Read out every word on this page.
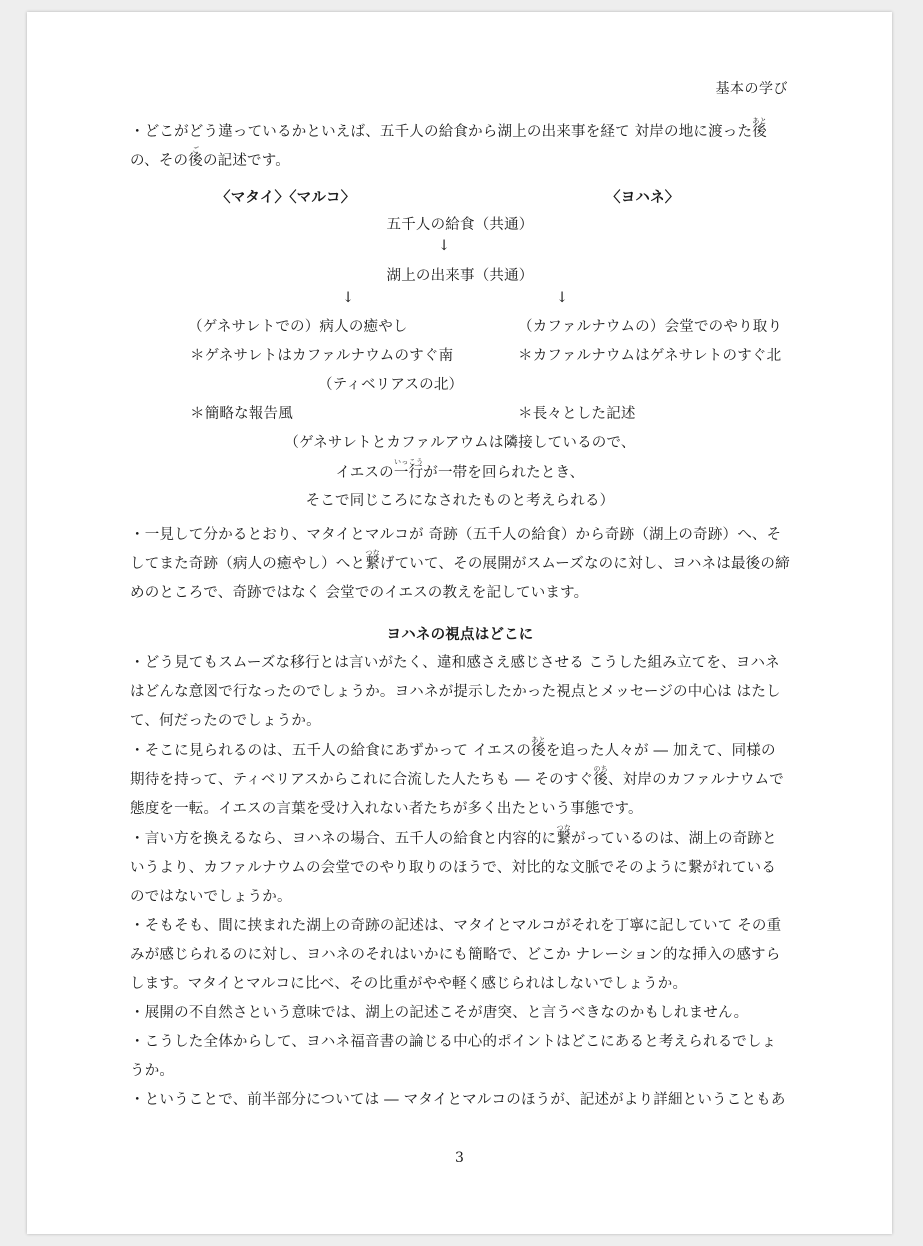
基本の学び

・どこがどう違っているかといえば、五千人の給食から湖上の出来事を経て 対岸の地に渡った後あとの、その後ごの記述です。

〈マタイ〉〈マルコ〉	〈ヨハネ〉
五千人の給食（共通）
↓
湖上の出来事（共通）
↓	↓
（ゲネサレトでの）病人の癒やし	（カファルナウムの）会堂でのやり取り
＊ゲネサレトはカファルナウムのすぐ南	＊カファルナウムはゲネサレトのすぐ北
（ティベリアスの北）
＊簡略な報告風	＊長々とした記述
（ゲネサレトとカファルアウムは隣接しているので、
イエスの一行いっこうが一帯を回られたとき、
そこで同じころになされたものと考えられる）

・一見して分かるとおり、マタイとマルコが 奇跡（五千人の給食）から奇跡（湖上の奇跡）へ、そしてまた奇跡（病人の癒やし）へと繋つなげていて、その展開がスムーズなのに対し、ヨハネは最後の締めのところで、奇跡ではなく 会堂でのイエスの教えを記しています。

ヨハネの視点はどこに

・どう見てもスムーズな移行とは言いがたく、違和感さえ感じさせる こうした組み立てを、ヨハネはどんな意図で行なったのでしょうか。ヨハネが提示したかった視点とメッセージの中心は はたして、何だったのでしょうか。

・そこに見られるのは、五千人の給食にあずかって イエスの後あとを追った人々が ― 加えて、同様の期待を持って、ティベリアスからこれに合流した人たちも ― そのすぐ後のち、対岸のカファルナウムで態度を一転。イエスの言葉を受け入れない者たちが多く出たという事態です。

・言い方を換えるなら、ヨハネの場合、五千人の給食と内容的に繋つながっているのは、湖上の奇跡というより、カファルナウムの会堂でのやり取りのほうで、対比的な文脈でそのように繋がれているのではないでしょうか。

・そもそも、間に挟まれた湖上の奇跡の記述は、マタイとマルコがそれを丁寧に記していて その重みが感じられるのに対し、ヨハネのそれはいかにも簡略で、どこか ナレーション的な挿入の感すらします。マタイとマルコに比べ、その比重がやや軽く感じられはしないでしょうか。

・展開の不自然さという意味では、湖上の記述こそが唐突、と言うべきなのかもしれません。

・こうした全体からして、ヨハネ福音書の論じる中心的ポイントはどこにあると考えられるでしょうか。

・ということで、前半部分については ― マタイとマルコのほうが、記述がより詳細ということもあ

3
